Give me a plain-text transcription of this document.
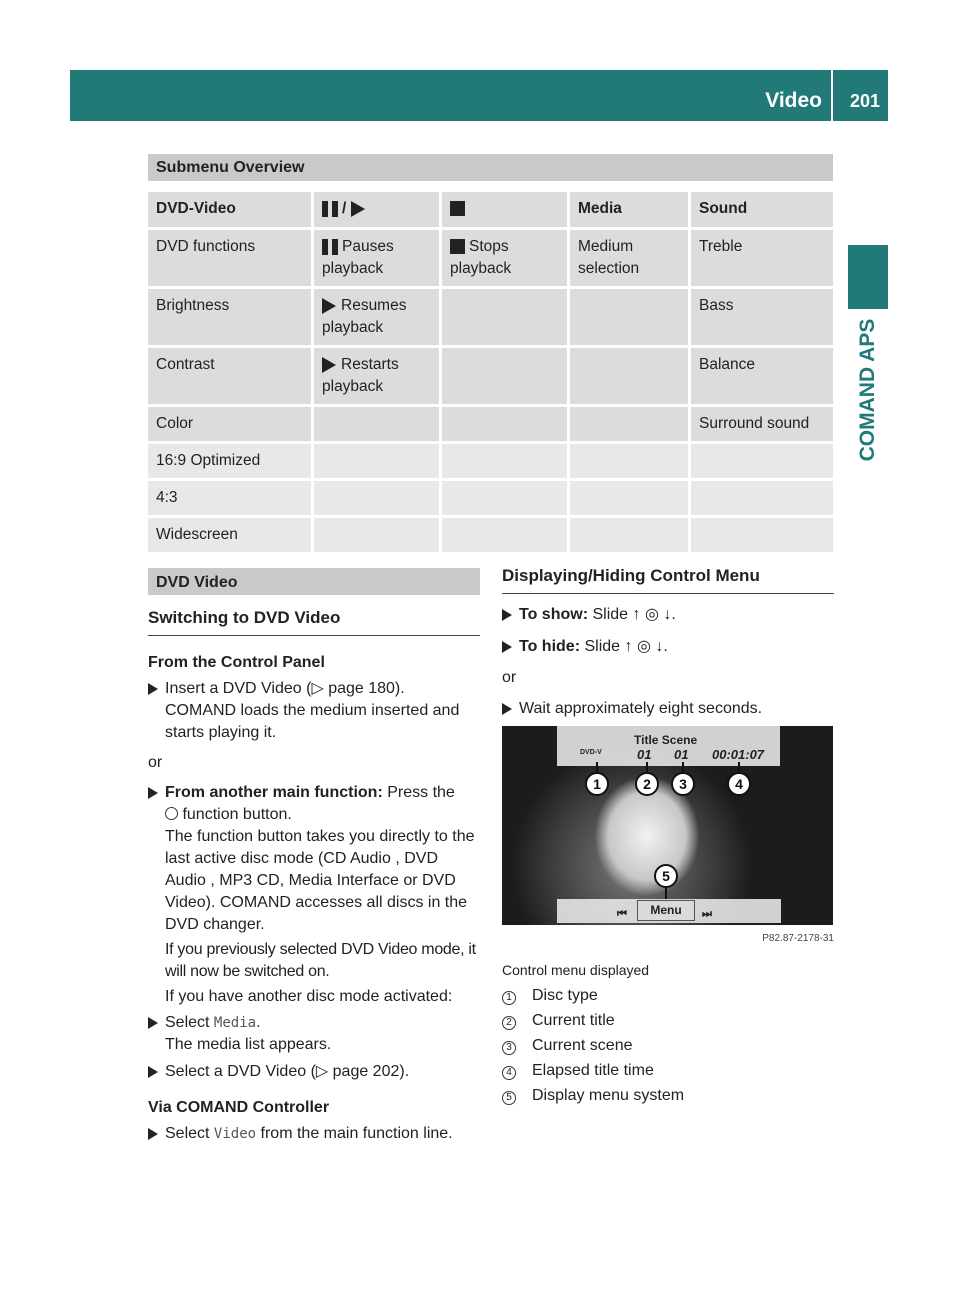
Video 201
COMAND APS
Submenu Overview
DVD-Video	/		Media	Sound
DVD functions	Pauses playback	Stops playback	Medium selection	Treble
Brightness	Resumes playback			Bass
Contrast	Restarts playback			Balance
Color				Surround sound
16:9 Optimized				
4:3				
Widescreen				
DVD Video
Switching to DVD Video
From the Control Panel
Insert a DVD Video (▷ page 180).
COMAND loads the medium inserted and starts playing it.
or
From another main function: Press the
function button.
The function button takes you directly to the last active disc mode (CD Audio , DVD Audio , MP3 CD, Media Interface or DVD Video). COMAND accesses all discs in the DVD changer.
If you previously selected DVD Video mode, it will now be switched on.
If you have another disc mode activated:
Select Media.
The media list appears.
Select a DVD Video (▷ page 202).
Via COMAND Controller
Select Video from the main function line.
Displaying/Hiding Control Menu
To show: Slide ↑ ◎ ↓.
To hide: Slide ↑ ◎ ↓.
or
Wait approximately eight seconds.
DVD-V
Title Scene
01 01 00:01:07
1	2	3	4
5
⏮	Menu	⏭
P82.87-2178-31
Control menu displayed
1	Disc type
2	Current title
3	Current scene
4	Elapsed title time
5	Display menu system
